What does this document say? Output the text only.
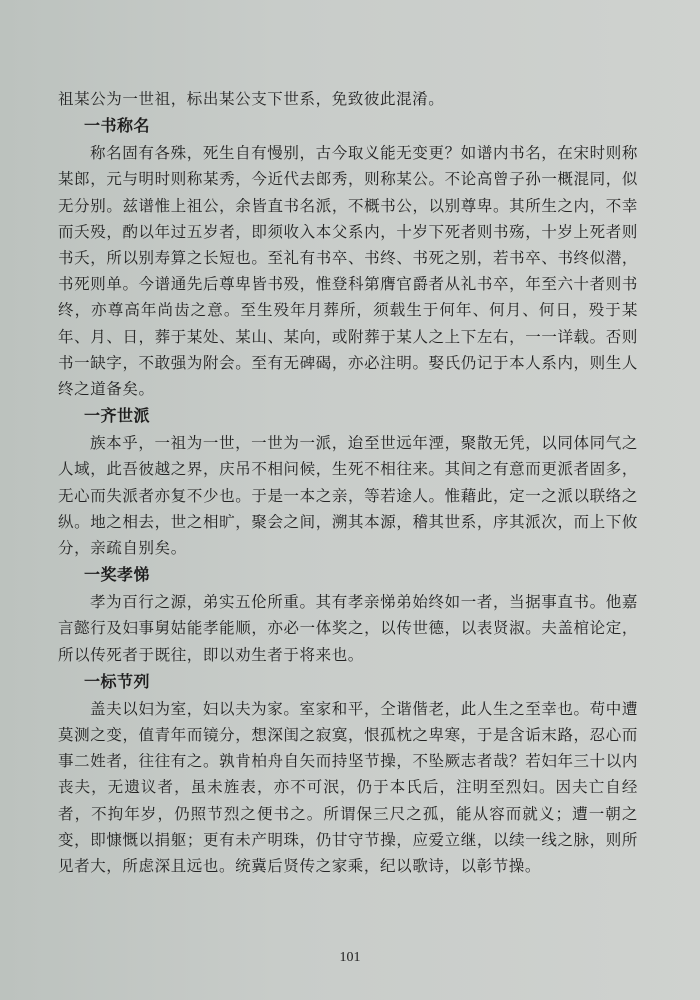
祖某公为一世祖，标出某公支下世系，免致彼此混淆。

一书称名

称名固有各殊，死生自有慢别，古今取义能无变更？如谱内书名，在宋时则称某郎，元与明时则称某秀，今近代去郎秀，则称某公。不论高曾子孙一概混同，似无分别。兹谱惟上祖公，余皆直书名派，不概书公，以别尊卑。其所生之内，不幸而夭殁，酌以年过五岁者，即须收入本父系内，十岁下死者则书殇，十岁上死者则书夭，所以别寿算之长短也。至礼有书卒、书终、书死之别，若书卒、书终似潜，书死则单。今谱通先后尊卑皆书殁，惟登科第膺官爵者从礼书卒，年至六十者则书终，亦尊高年尚齿之意。至生殁年月葬所，须载生于何年、何月、何日，殁于某年、月、日，葬于某处、某山、某向，或附葬于某人之上下左右，一一详载。否则书一缺字，不敢强为附会。至有无碑碣，亦必注明。娶氏仍记于本人系内，则生人终之道备矣。

一齐世派

族本乎，一祖为一世，一世为一派，迨至世远年湮，聚散无凭，以同体同气之人域，此吾彼越之界，庆吊不相问候，生死不相往来。其间之有意而更派者固多，无心而失派者亦复不少也。于是一本之亲，等若途人。惟藉此，定一之派以联络之纵。地之相去，世之相旷，聚会之间，溯其本源，稽其世系，序其派次，而上下攸分，亲疏自别矣。

一奖孝悌

孝为百行之源，弟实五伦所重。其有孝亲悌弟始终如一者，当据事直书。他嘉言懿行及妇事舅姑能孝能顺，亦必一体奖之，以传世德，以表贤淑。夫盖棺论定，所以传死者于既往，即以劝生者于将来也。

一标节列

盖夫以妇为室，妇以夫为家。室家和平，仝谐偕老，此人生之至幸也。苟中遭莫测之变，值青年而镜分，想深闺之寂寞，恨孤枕之卑寒，于是含诟末路，忍心而事二姓者，往往有之。孰肯柏舟自矢而持坚节操，不坠厥志者哉？若妇年三十以内丧夫，无遗议者，虽未旌表，亦不可泯，仍于本氏后，注明至烈妇。因夫亡自经者，不拘年岁，仍照节烈之便书之。所谓保三尺之孤，能从容而就义；遭一朝之变，即慷慨以捐躯；更有未产明珠，仍甘守节操，应爱立继，以续一线之脉，则所见者大，所虑深且远也。统冀后贤传之家乘，纪以歌诗，以彰节操。

101
